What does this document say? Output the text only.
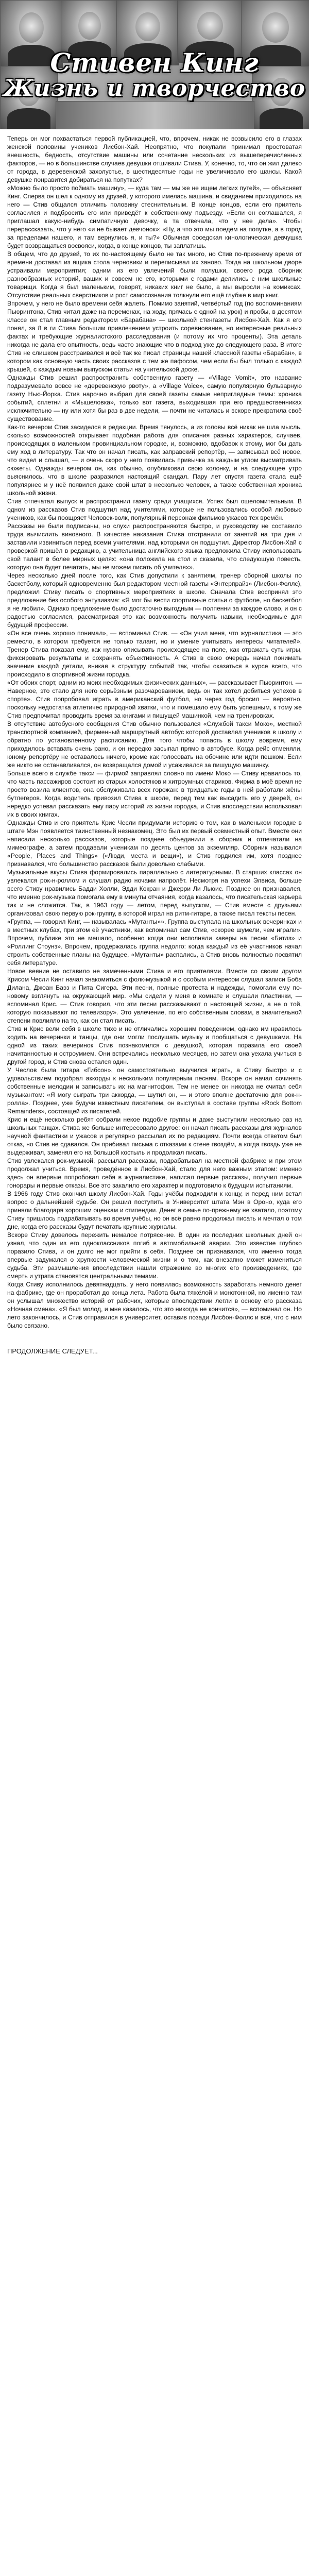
Стивен Кинг
Жизнь и творчество

Теперь он мог похвастаться первой публикацией, что, впрочем, никак не возвысило его в глазах женской половины учеников Лисбон-Хай. Неопрятно, что покупали принимал простоватая внешность, бедность, отсутствие машины или сочетание нескольких из вышеперечисленных факторов, — но в большинстве случаев девушки отшивали Стива. У, конечно, то, что он жил далеко от города, в деревенской захолустье, в шестидесятые годы не увеличивало его шансы. Какой девушке понравится добираться на попутках?

«Можно было просто поймать машину», — куда там — мы же не ищем легких путей», — объясняет Кинг. Сперва он шел к одному из друзей, у которого имелась машина, и свиданием приходилось на него — Стив общался отличить половину стеснительным. В конце концов, если его приятель согласился и подбросить его или приведёт к собственному подъезду. «Если он соглашался, я приглашал какую-нибудь симпатичную девочку, а та отвечала, что у нее дела». Чтобы перерассказать, что у него «и не бывает девчонок»: «Ну, а что это мы поедем на попутке, а в город за пределами нашего, и там вернулись я, и ты?» Обычная соседская кинологическая девчушка будет возвращаться восвояси, когда, в конце концов, ты заплатишь.

В общем, что до друзей, то их по-настоящему было не так много, но Стив по-прежнему время от времени доставал из ящика стола черновики и переписывал их заново. Тогда на школьном дворе устраивали мероприятия; одним из его увлечений были полушки, своего рода сборник разнообразных историй, ваших и совсем не его, которыми с годами делились с ним школьные товарищи. Когда я был маленьким, говорят, никаких книг не было, а мы выросли на комиксах. Отсутствие реальных сверстников и рост самосознания толкнули его ещё глубже в мир книг.

Впрочем, у него не было времени себя жалеть. Помимо занятий, четвёртый год (по воспоминаниям Пьюринтона, Стив читал даже на переменах, на ходу, прячась с одной на урок) и пробы, в десятом классе он стал главным редактором «Барабана» — школьной стенгазеты Лисбон-Хай. Как я его понял, за 8 в ги Стива большим привлечением устроить соревнование, но интересные реальных фактах и требующие журналистского расследования (и потому их что проценты). Эта деталь никогда не дала его опытность, ведь часто знающие что в подход уже до следующего раза. В итоге Стив не слишком расстраивался и всё так же писал страницы нашей классной газеты «Барабан», в котором как основную часть своих рассказов с тем же пафосом, чем если бы был только с каждой крышей, с каждым новым выпуском статьи на учительской доске.

Однажды Стив решил распространить собственную газету — «Village Vomit», это название подразумевало вовсе не «деревенскую рвоту», а «Village Voice», самую популярную бульварную газету Нью-Йорка. Стив нарочно выбрал для своей газеты самые неприглядные темы: хроника событий, сплетни и «Мышеловка», только вот газета, выходившая при его предшественниках исключительно — ну или хотя бы раз в две недели, — почти не читалась и вскоре прекратила своё существование.

Как-то вечером Стив засиделся в редакции. Время тянулось, а из головы всё никак не шла мысль, сколько возможностей открывает подобная работа для описания разных характеров, случаев, происходящих в маленьком провинциальном городке, и, возможно, вдобавок к этому, мог бы дать ему ход в литературу. Так что он начал писать, как заправский репортёр, — записывал всё новое, что видел и слышал, — и очень скоро у него появилась привычка за каждым углом высматривать сюжеты. Однажды вечером он, как обычно, опубликовал свою колонку, и на следующее утро выяснилось, что в школе разразился настоящий скандал. Пару лет спустя газета стала ещё популярнее и у неё появился даже свой штат в несколько человек, а также собственная хроника школьной жизни.

Стив отпечатал выпуск и распространил газету среди учащихся. Успех был ошеломительным. В одном из рассказов Стив подшутил над учителями, которые не пользовались особой любовью учеников, как бы поощряет Человек-волк, популярный персонаж фильмов ужасов тех времён.

Рассказы не были подписаны, но слухи распространяются быстро, и руководству не составило труда вычислить виновного. В качестве наказания Стива отстранили от занятий на три дня и заставили извиниться перед всеми учителями, над которыми он подшутил. Директор Лисбон-Хай с проверкой пришёл в редакцию, а учительница английского языка предложила Стиву использовать свой талант в более мирных целях: «она положила на стол и сказала, что следующую повесть, которую она будет печатать, мы не можем писать об учителях».

Через несколько дней после того, как Стив допустили к занятиям, тренер сборной школы по баскетболу, который одновременно был редактором местной газеты «Энтерпрайз» (Лисбон-Фоллс), предложил Стиву писать о спортивных мероприятиях в школе. Сначала Стив воспринял это предложение без особого энтузиазма: «Я мог бы вести спортивные статьи о футболе, но баскетбол я не любил». Однако предложение было достаточно выгодным — полпенни за каждое слово, и он с радостью согласился, рассматривая это как возможность получить навыки, необходимые для будущей профессии.

«Он все очень хорошо понимал», — вспоминал Стив. — «Он учил меня, что журналистика — это ремесло, в котором требуется не только талант, но и умение учитывать интересы читателей». Тренер Стива показал ему, как нужно описывать происходящее на поле, как отражать суть игры, фиксировать результаты и сохранять объективность. А Стив в свою очередь начал понимать значение каждой детали, вникая в структуру событий так, чтобы оказаться в курсе всего, что происходило в спортивной жизни городка.

«От обоих спорт, одним из моих необходимых физических данных», — рассказывает Пьюринтон. — Наверное, это стало для него серьёзным разочарованием, ведь он так хотел добиться успехов в спорте». Стив попробовал играть в американский футбол, но через год бросил — вероятно, поскольку недостатка атлетичес природной хватки, что и помешало ему быть успешным, к тому же Стив предпочитал проводить время за книгами и пишущей машинкой, чем на тренировках.

В отсутствие автобусного сообщения Стив обычно пользовался «Службой такси Моко», местной транспортной компанией, фирменный маршрутный автобус которой доставлял учеников в школу и обратно по установленному расписанию. Для того чтобы попасть в школу вовремя, ему приходилось вставать очень рано, и он нередко засыпал прямо в автобусе. Когда рейс отменяли, юному репортёру не оставалось ничего, кроме как голосовать на обочине или идти пешком. Если же никто не останавливался, он возвращался домой и усаживался за пишущую машинку.

Больше всего в службе такси — фирмой заправлял словно по имени Моко — Стиву нравилось то, что часть пассажиров состоит из старых холостяков и хитроумных стариков. Фирма в моё время не просто возила клиентов, она обслуживала всех горожан: в тридцатые годы в ней работали жёны бутлегеров. Когда водитель привозил Стива к школе, перед тем как высадить его у дверей, он нередко успевал рассказать ему пару историй из жизни городка, и Стив впоследствии использовал их в своих книгах.

Однажды Стив и его приятель Крис Чесли придумали историю о том, как в маленьком городке в штате Мэн появляется таинственный незнакомец. Это был их первый совместный опыт. Вместе они написали несколько рассказов, которые позднее объединили в сборник и отпечатали на мимеографе, а затем продавали ученикам по десять центов за экземпляр. Сборник назывался «People, Places and Things» («Люди, места и вещи»), и Стив гордился им, хотя позднее признавался, что большинство рассказов были довольно слабыми.

Музыкальные вкусы Стива формировались параллельно с литературными. В старших классах он увлекался рок-н-роллом и слушал радио ночами напролёт. Несмотря на успехи Элвиса, больше всего Стиву нравились Бадди Холли, Эдди Кокран и Джерри Ли Льюис. Позднее он признавался, что именно рок-музыка помогала ему в минуты отчаяния, когда казалось, что писательская карьера так и не сложится. Так, в 1963 году — летом, перед выпуском, — Стив вместе с друзьями организовал свою первую рок-группу, в которой играл на ритм-гитаре, а также писал тексты песен.

«Группа, — говорил Кинг, — называлась «Мутанты»». Группа выступала на школьных вечеринках и в местных клубах, при этом её участники, как вспоминал сам Стив, «скорее шумели, чем играли». Впрочем, публике это не мешало, особенно когда они исполняли каверы на песни «Битлз» и «Роллинг Стоунз». Впрочем, продержалась группа недолго: когда каждый из её участников начал строить собственные планы на будущее, «Мутанты» распались, а Стив вновь полностью посвятил себя литературе.

Новое веяние не оставило не замеченными Стива и его приятелями. Вместе со своим другом Крисом Чесли Кинг начал знакомиться с фолк-музыкой и с особым интересом слушал записи Боба Дилана, Джоан Баэз и Пита Сигера. Эти песни, полные протеста и надежды, помогали ему по-новому взглянуть на окружающий мир. «Мы сидели у меня в комнате и слушали пластинки, — вспоминал Крис. — Стив говорил, что эти песни рассказывают о настоящей жизни, а не о той, которую показывают по телевизору». Это увлечение, по его собственным словам, в значительной степени повлияло на то, как он стал писать.

Стив и Крис вели себя в школе тихо и не отличались хорошим поведением, однако им нравилось ходить на вечеринки и танцы, где они могли послушать музыку и пообщаться с девушками. На одной из таких вечеринок Стив познакомился с девушкой, которая поразила его своей начитанностью и остроумием. Они встречались несколько месяцев, но затем она уехала учиться в другой город, и Стив снова остался один.

У Чеслов была гитара «Гибсон», он самостоятельно выучился играть, а Стиву быстро и с удовольствием подобрал аккорды к нескольким популярным песням. Вскоре он начал сочинять собственные мелодии и записывать их на магнитофон. Тем не менее он никогда не считал себя музыкантом: «Я могу сыграть три аккорда, — шутил он, — и этого вполне достаточно для рок-н-ролла». Позднее, уже будучи известным писателем, он выступал в составе группы «Rock Bottom Remainders», состоящей из писателей.

Крис и ещё несколько ребят собрали некое подобие группы и даже выступили несколько раз на школьных танцах. Стива же больше интересовало другое: он начал писать рассказы для журналов научной фантастики и ужасов и регулярно рассылал их по редакциям. Почти всегда ответом был отказ, но Стив не сдавался. Он прибивал письма с отказами к стене гвоздём, а когда гвоздь уже не выдерживал, заменял его на большой костыль и продолжал писать.

Стив увлекался рок-музыкой, рассылал рассказы, подрабатывал на местной фабрике и при этом продолжал учиться. Время, проведённое в Лисбон-Хай, стало для него важным этапом: именно здесь он впервые попробовал себя в журналистике, написал первые рассказы, получил первые гонорары и первые отказы. Все это закалило его характер и подготовило к будущим испытаниям.

В 1966 году Стив окончил школу Лисбон-Хай. Годы учёбы подходили к концу, и перед ним встал вопрос о дальнейшей судьбе. Он решил поступить в Университет штата Мэн в Ороно, куда его приняли благодаря хорошим оценкам и стипендии. Денег в семье по-прежнему не хватало, поэтому Стиву пришлось подрабатывать во время учёбы, но он всё равно продолжал писать и мечтал о том дне, когда его рассказы будут печатать крупные журналы.

Вскоре Стиву довелось пережить немалое потрясение. В один из последних школьных дней он узнал, что один из его одноклассников погиб в автомобильной аварии. Это известие глубоко поразило Стива, и он долго не мог прийти в себя. Позднее он признавался, что именно тогда впервые задумался о хрупкости человеческой жизни и о том, как внезапно может измениться судьба. Эти размышления впоследствии нашли отражение во многих его произведениях, где смерть и утрата становятся центральными темами.

Когда Стиву исполнилось девятнадцать, у него появилась возможность заработать немного денег на фабрике, где он проработал до конца лета. Работа была тяжёлой и монотонной, но именно там он услышал множество историй от рабочих, которые впоследствии легли в основу его рассказа «Ночная смена». «Я был молод, и мне казалось, что это никогда не кончится», — вспоминал он. Но лето закончилось, и Стив отправился в университет, оставив позади Лисбон-Фоллс и всё, что с ним было связано.

ПРОДОЛЖЕНИЕ СЛЕДУЕТ...
